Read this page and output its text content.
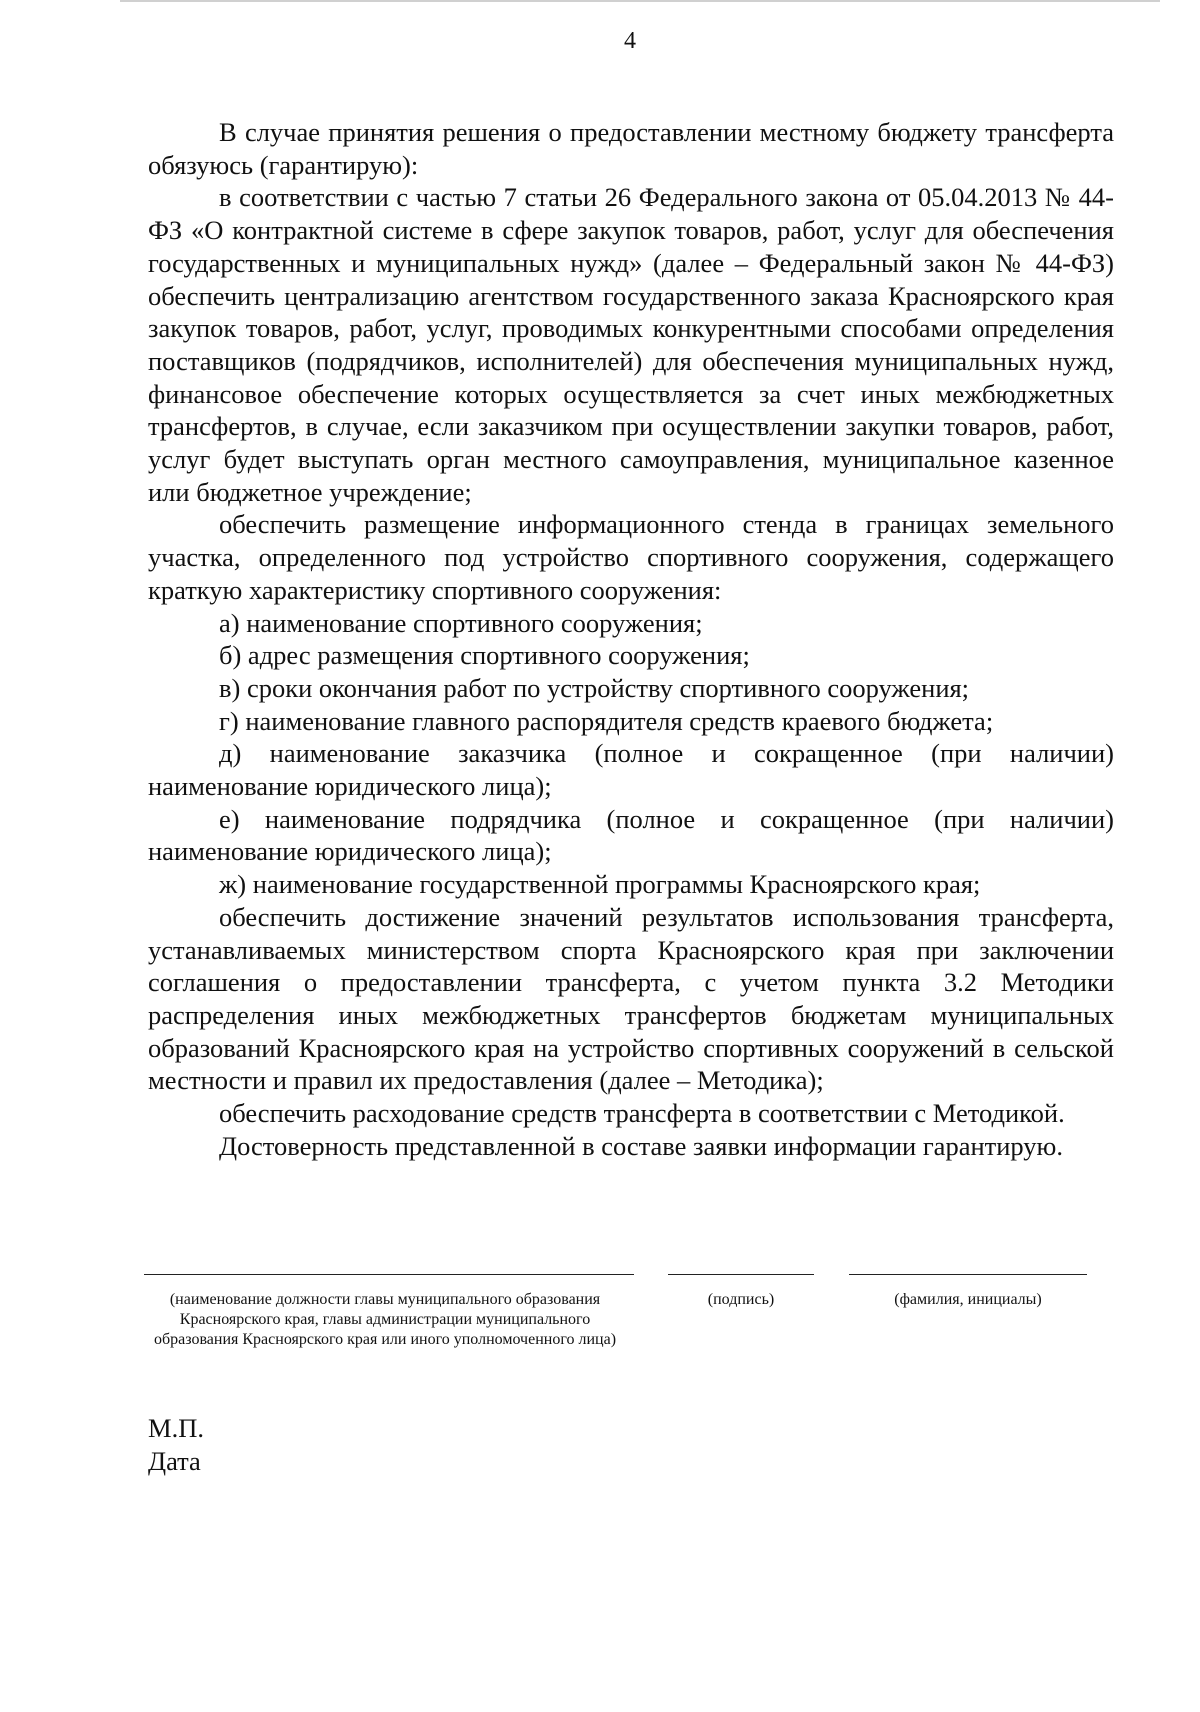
4

В случае принятия решения о предоставлении местному бюджету трансферта обязуюсь (гарантирую):

в соответствии с частью 7 статьи 26 Федерального закона от 05.04.2013 № 44-ФЗ «О контрактной системе в сфере закупок товаров, работ, услуг для обеспечения государственных и муниципальных нужд» (далее – Федеральный закон № 44-ФЗ) обеспечить централизацию агентством государственного заказа Красноярского края закупок товаров, работ, услуг, проводимых конкурентными способами определения поставщиков (подрядчиков, исполнителей) для обеспечения муниципальных нужд, финансовое обеспечение которых осуществляется за счет иных межбюджетных трансфертов, в случае, если заказчиком при осуществлении закупки товаров, работ, услуг будет выступать орган местного самоуправления, муниципальное казенное или бюджетное учреждение;

обеспечить размещение информационного стенда в границах земельного участка, определенного под устройство спортивного сооружения, содержащего краткую характеристику спортивного сооружения:

а) наименование спортивного сооружения;

б) адрес размещения спортивного сооружения;

в) сроки окончания работ по устройству спортивного сооружения;

г) наименование главного распорядителя средств краевого бюджета;

д) наименование заказчика (полное и сокращенное (при наличии) наименование юридического лица);

е) наименование подрядчика (полное и сокращенное (при наличии) наименование юридического лица);

ж) наименование государственной программы Красноярского края;

обеспечить достижение значений результатов использования трансферта, устанавливаемых министерством спорта Красноярского края при заключении соглашения о предоставлении трансферта, с учетом пункта 3.2 Методики распределения иных межбюджетных трансфертов бюджетам муниципальных образований Красноярского края на устройство спортивных сооружений в сельской местности и правил их предоставления (далее – Методика);

обеспечить расходование средств трансферта в соответствии с Методикой.

Достоверность представленной в составе заявки информации гарантирую.

(наименование должности главы муниципального образования Красноярского края, главы администрации муниципального образования Красноярского края или иного уполномоченного лица)
(подпись)	(фамилия, инициалы)
М.П.
Дата
